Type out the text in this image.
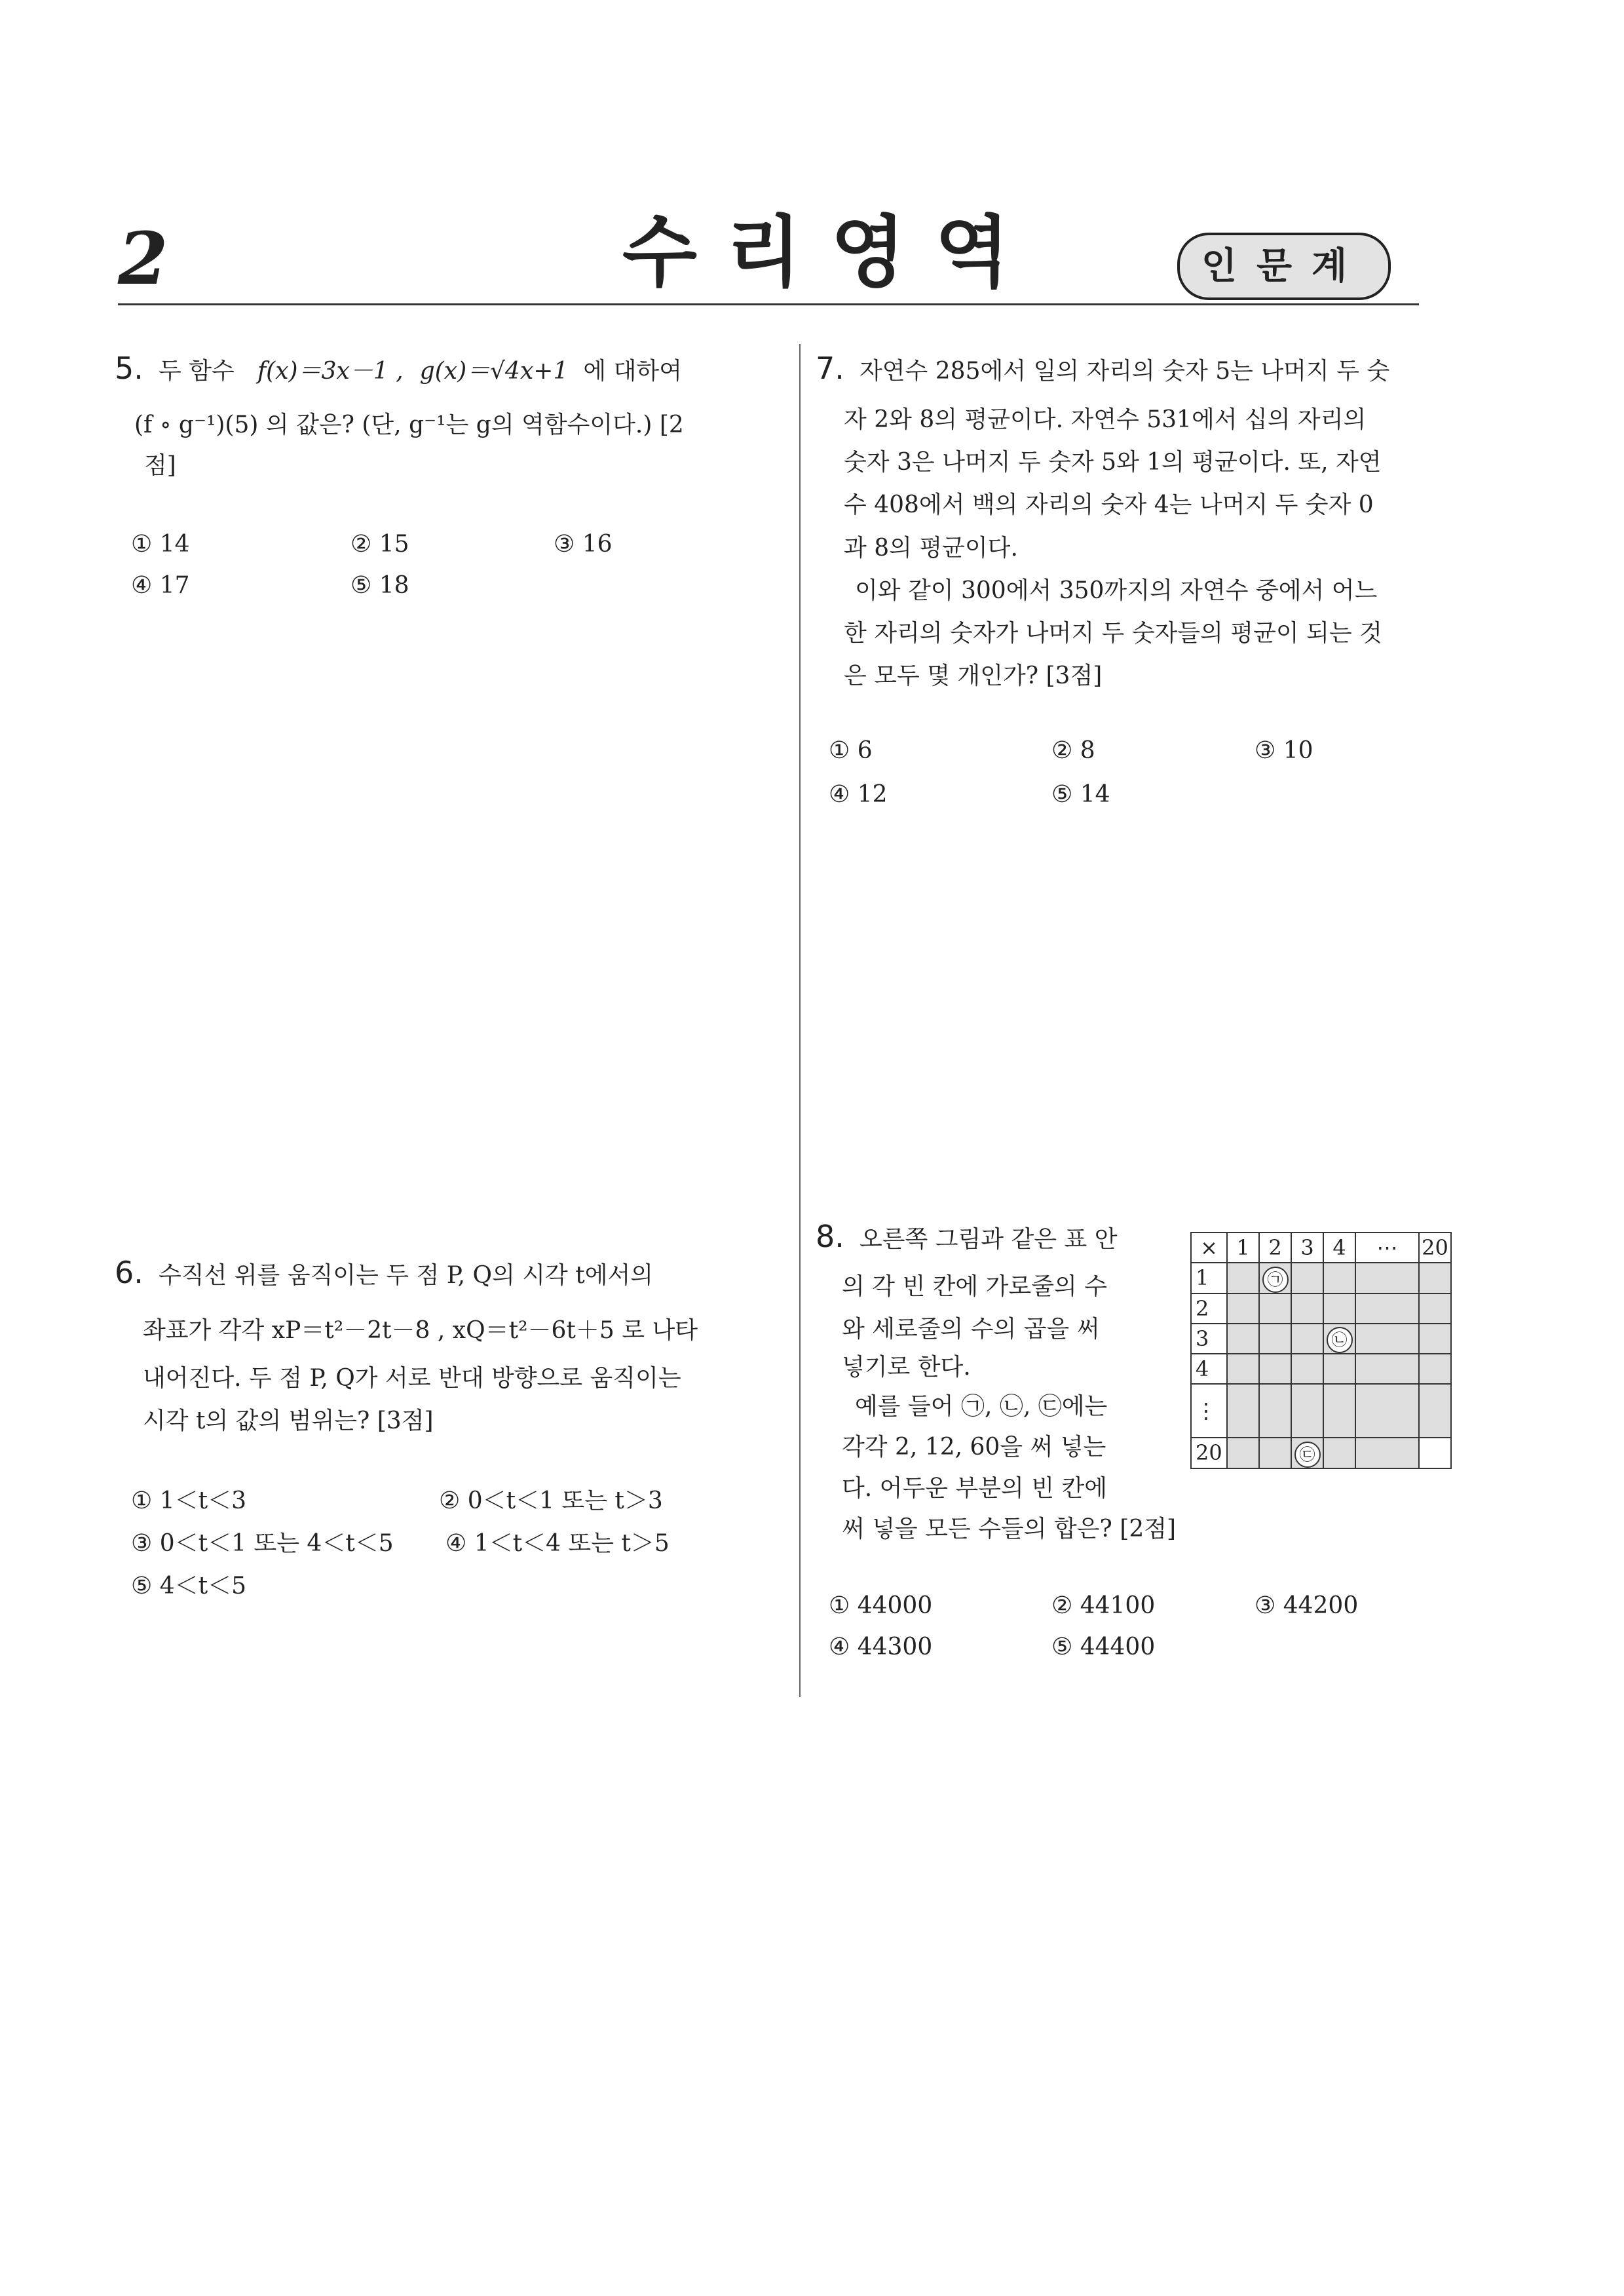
2	수리영역	인문계
5. 두 함수 f(x)＝3x－1 , g(x)＝√4x+1 에 대하여
(f ∘ g⁻¹)(5) 의 값은? (단, g⁻¹는 g의 역함수이다.) [2
점]
① 14	② 15	③ 16
④ 17	⑤ 18
6. 수직선 위를 움직이는 두 점 P, Q의 시각 t에서의
좌표가 각각 xP＝t²－2t－8 , xQ＝t²－6t＋5 로 나타
내어진다. 두 점 P, Q가 서로 반대 방향으로 움직이는
시각 t의 값의 범위는? [3점]
① 1＜t＜3	② 0＜t＜1 또는 t＞3
③ 0＜t＜1 또는 4＜t＜5 ④ 1＜t＜4 또는 t＞5
⑤ 4＜t＜5
7. 자연수 285에서 일의 자리의 숫자 5는 나머지 두 숫
자 2와 8의 평균이다. 자연수 531에서 십의 자리의
숫자 3은 나머지 두 숫자 5와 1의 평균이다. 또, 자연
수 408에서 백의 자리의 숫자 4는 나머지 두 숫자 0
과 8의 평균이다.
이와 같이 300에서 350까지의 자연수 중에서 어느
한 자리의 숫자가 나머지 두 숫자들의 평균이 되는 것
은 모두 몇 개인가? [3점]
① 6	② 8	③ 10
④ 12	⑤ 14
8. 오른쪽 그림과 같은 표 안
의 각 빈 칸에 가로줄의 수
와 세로줄의 수의 곱을 써
넣기로 한다.
예를 들어 ㉠, ㉡, ㉢에는
각각 2, 12, 60을 써 넣는
다. 어두운 부분의 빈 칸에
써 넣을 모든 수들의 합은? [2점]
×	1	2	3	4	⋯	20
1		㉠				
2						
3				㉡		
4						
⋮						
20			㉢			
① 44000	② 44100	③ 44200
④ 44300	⑤ 44400
